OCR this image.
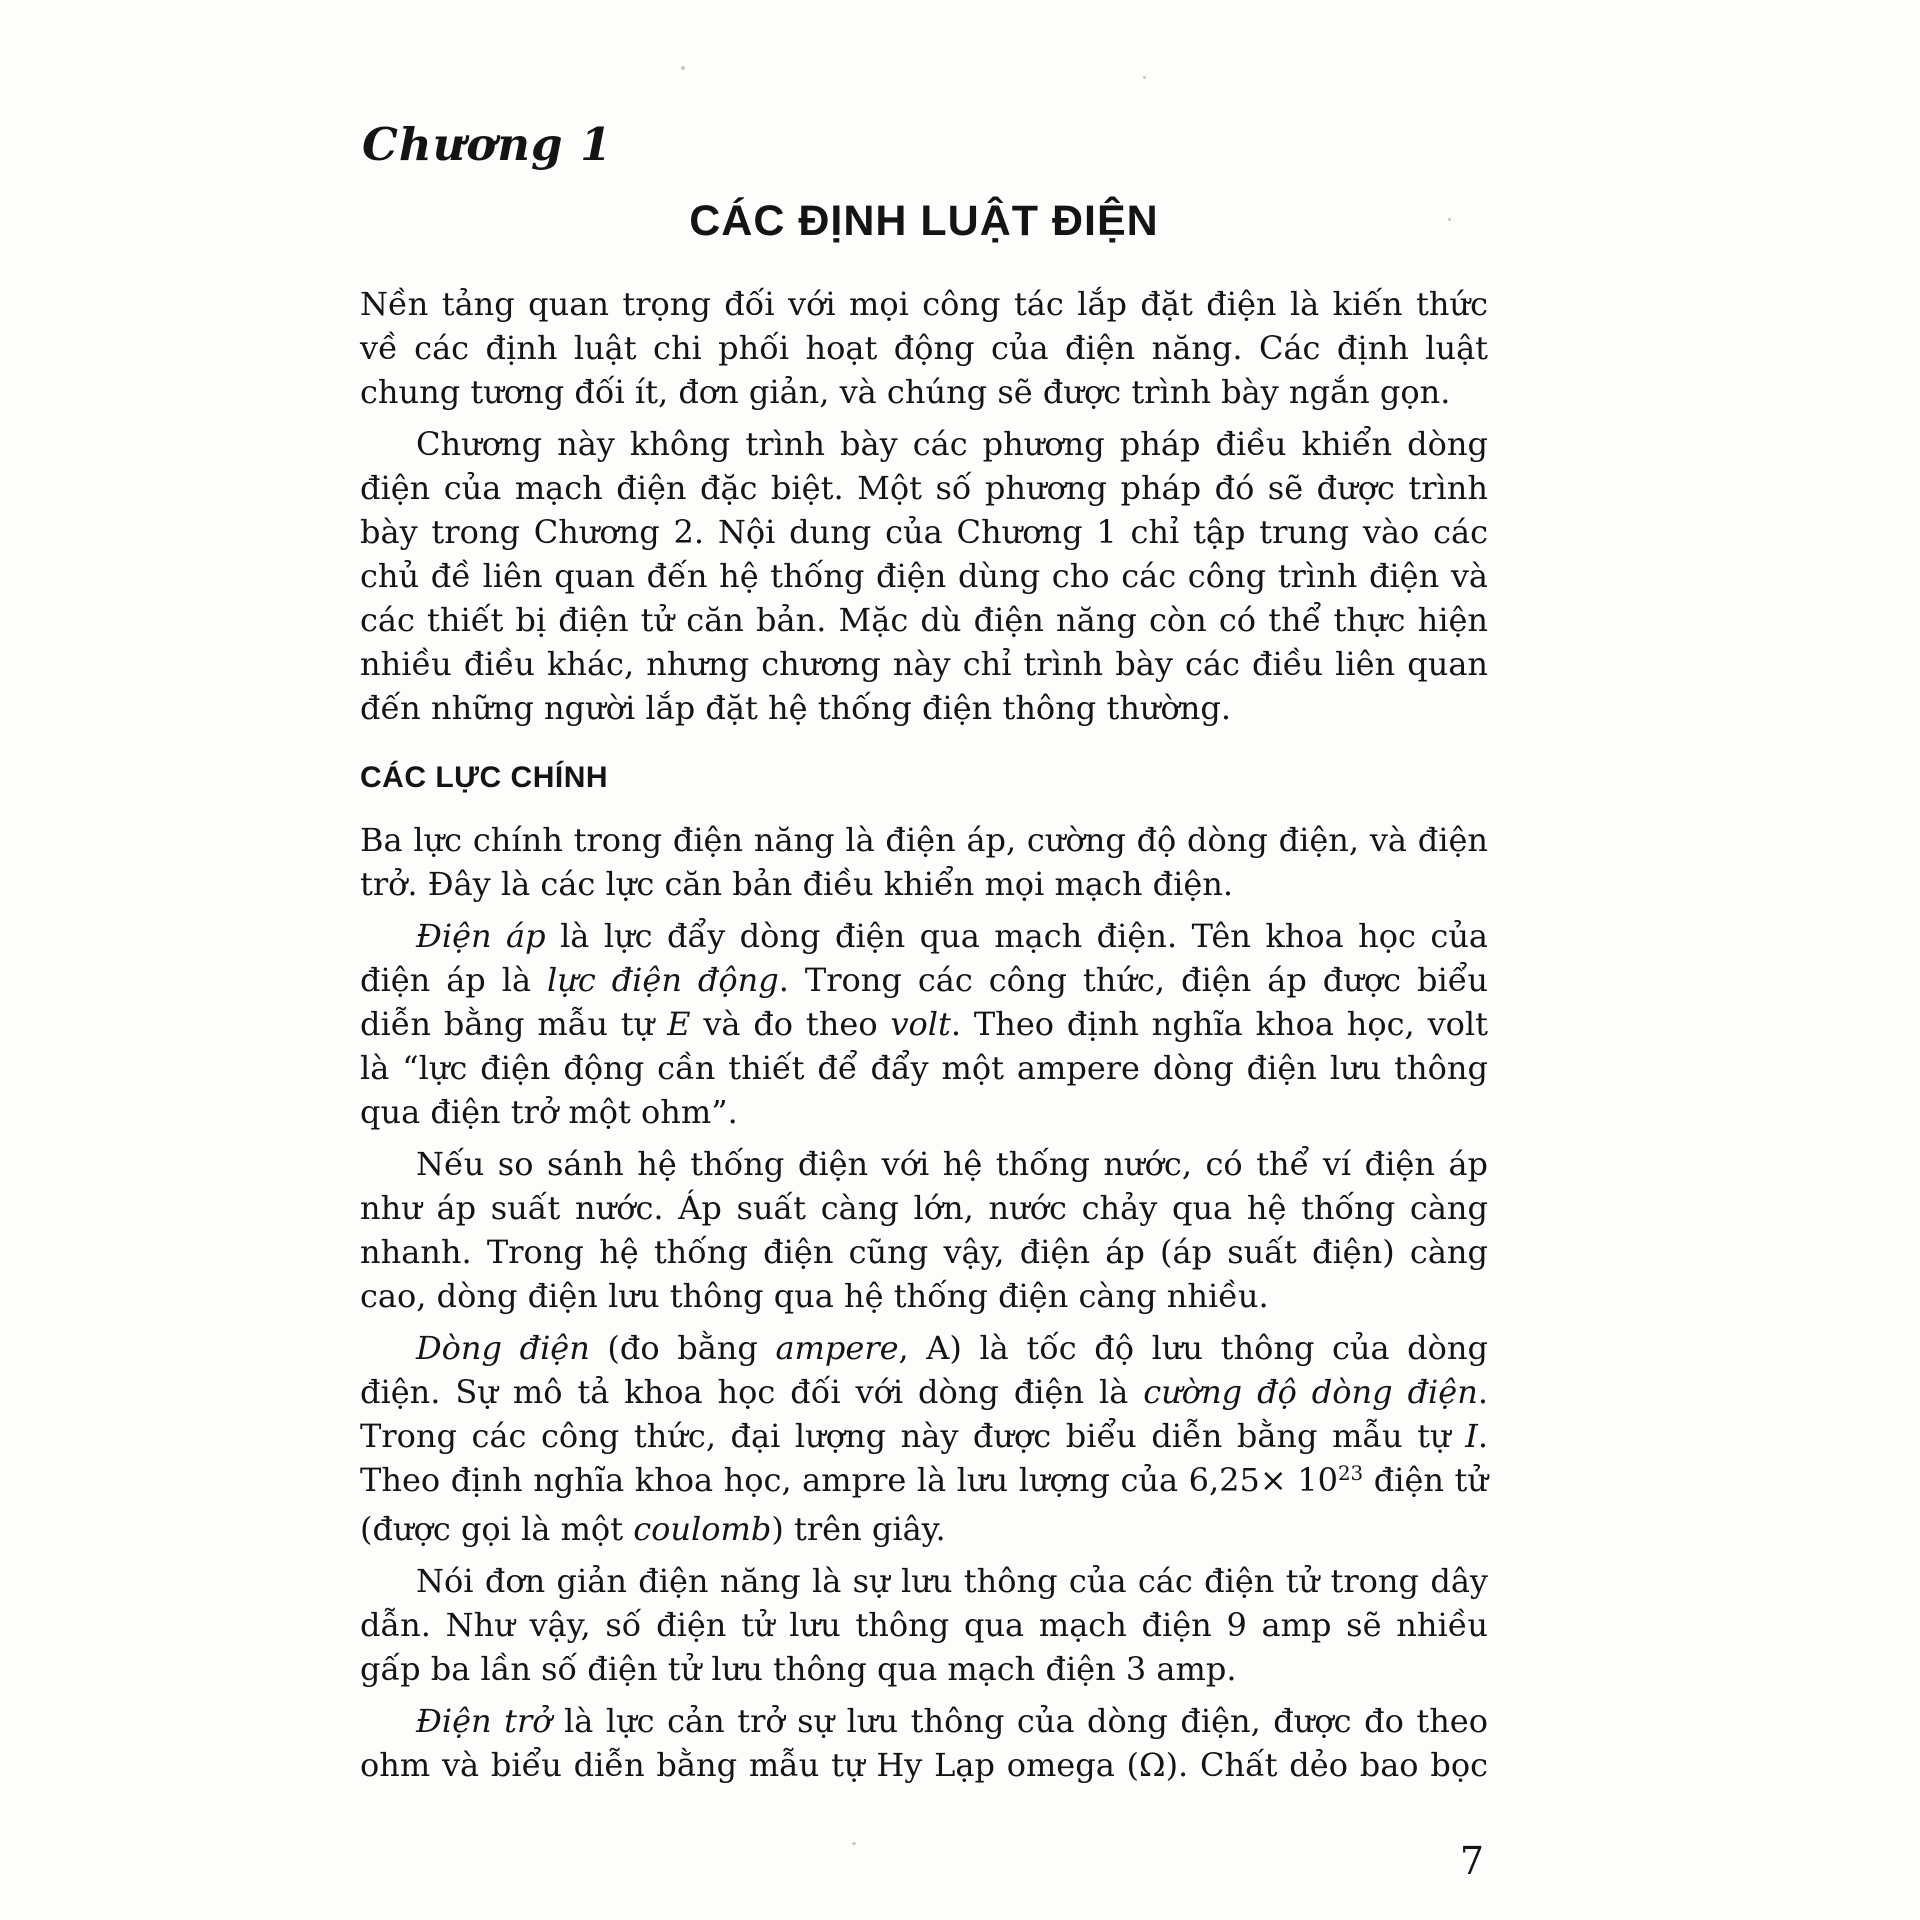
Chương 1
CÁC ĐỊNH LUẬT ĐIỆN

Nền tảng quan trọng đối với mọi công tác lắp đặt điện là kiến thức về các định luật chi phối hoạt động của điện năng. Các định luật chung tương đối ít, đơn giản, và chúng sẽ được trình bày ngắn gọn.

Chương này không trình bày các phương pháp điều khiển dòng điện của mạch điện đặc biệt. Một số phương pháp đó sẽ được trình bày trong Chương 2. Nội dung của Chương 1 chỉ tập trung vào các chủ đề liên quan đến hệ thống điện dùng cho các công trình điện và các thiết bị điện tử căn bản. Mặc dù điện năng còn có thể thực hiện nhiều điều khác, nhưng chương này chỉ trình bày các điều liên quan đến những người lắp đặt hệ thống điện thông thường.

CÁC LỰC CHÍNH

Ba lực chính trong điện năng là điện áp, cường độ dòng điện, và điện trở. Đây là các lực căn bản điều khiển mọi mạch điện.

Điện áp là lực đẩy dòng điện qua mạch điện. Tên khoa học của điện áp là lực điện động. Trong các công thức, điện áp được biểu diễn bằng mẫu tự E và đo theo volt. Theo định nghĩa khoa học, volt là “lực điện động cần thiết để đẩy một ampere dòng điện lưu thông qua điện trở một ohm”.

Nếu so sánh hệ thống điện với hệ thống nước, có thể ví điện áp như áp suất nước. Áp suất càng lớn, nước chảy qua hệ thống càng nhanh. Trong hệ thống điện cũng vậy, điện áp (áp suất điện) càng cao, dòng điện lưu thông qua hệ thống điện càng nhiều.

Dòng điện (đo bằng ampere, A) là tốc độ lưu thông của dòng điện. Sự mô tả khoa học đối với dòng điện là cường độ dòng điện. Trong các công thức, đại lượng này được biểu diễn bằng mẫu tự I. Theo định nghĩa khoa học, ampre là lưu lượng của $6,25\times 10^{23}$ điện tử (được gọi là một coulomb) trên giây.

Nói đơn giản điện năng là sự lưu thông của các điện tử trong dây dẫn. Như vậy, số điện tử lưu thông qua mạch điện 9 amp sẽ nhiều gấp ba lần số điện tử lưu thông qua mạch điện 3 amp.

Điện trở là lực cản trở sự lưu thông của dòng điện, được đo theo ohm và biểu diễn bằng mẫu tự Hy Lạp omega (Ω). Chất dẻo bao bọc

7
